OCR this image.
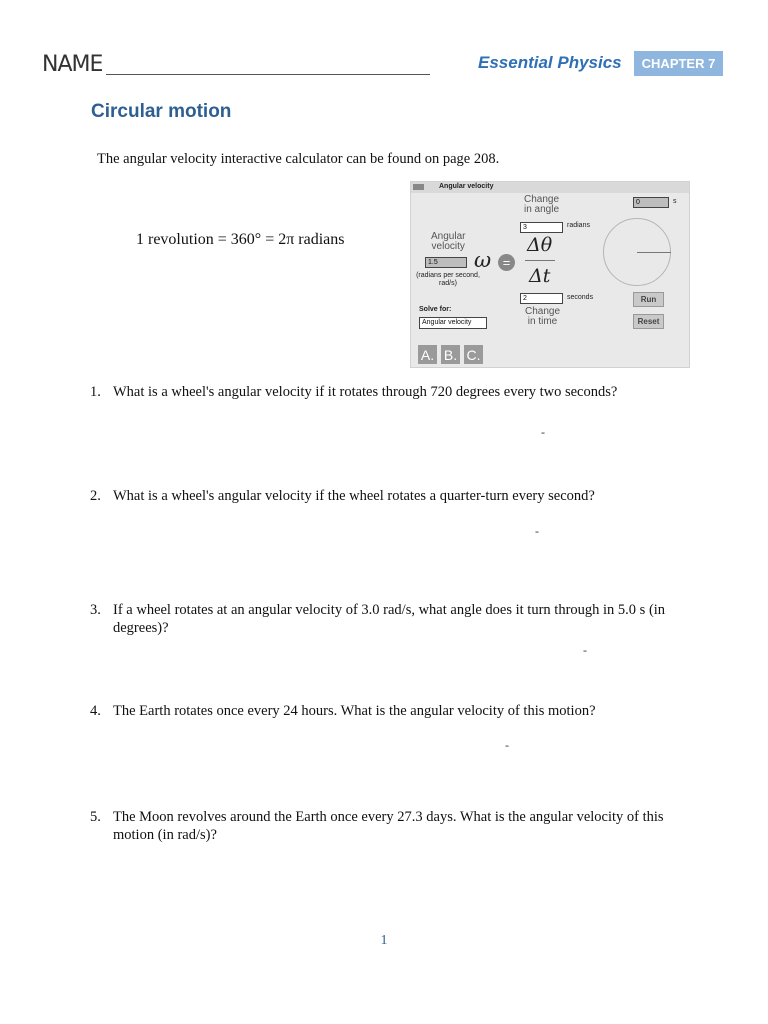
NAME	Essential Physics	CHAPTER 7
Circular motion
The angular velocity interactive calculator can be found on page 208.
1 revolution = 360° = 2π radians
Angular velocity
Change
in angle
3	radians
Angular
velocity
1.5
(radians per second,
rad/s)
ω =
Δθ
Δt
2	seconds
Change
in time
Solve for:
Angular velocity
0	s
Run
Reset
A. B. C.
1. What is a wheel's angular velocity if it rotates through 720 degrees every two seconds?
-
2. What is a wheel's angular velocity if the wheel rotates a quarter-turn every second?
-
3. If a wheel rotates at an angular velocity of 3.0 rad/s, what angle does it turn through in 5.0 s (in degrees)?
-
4. The Earth rotates once every 24 hours. What is the angular velocity of this motion?
-
5. The Moon revolves around the Earth once every 27.3 days. What is the angular velocity of this motion (in rad/s)?
1
